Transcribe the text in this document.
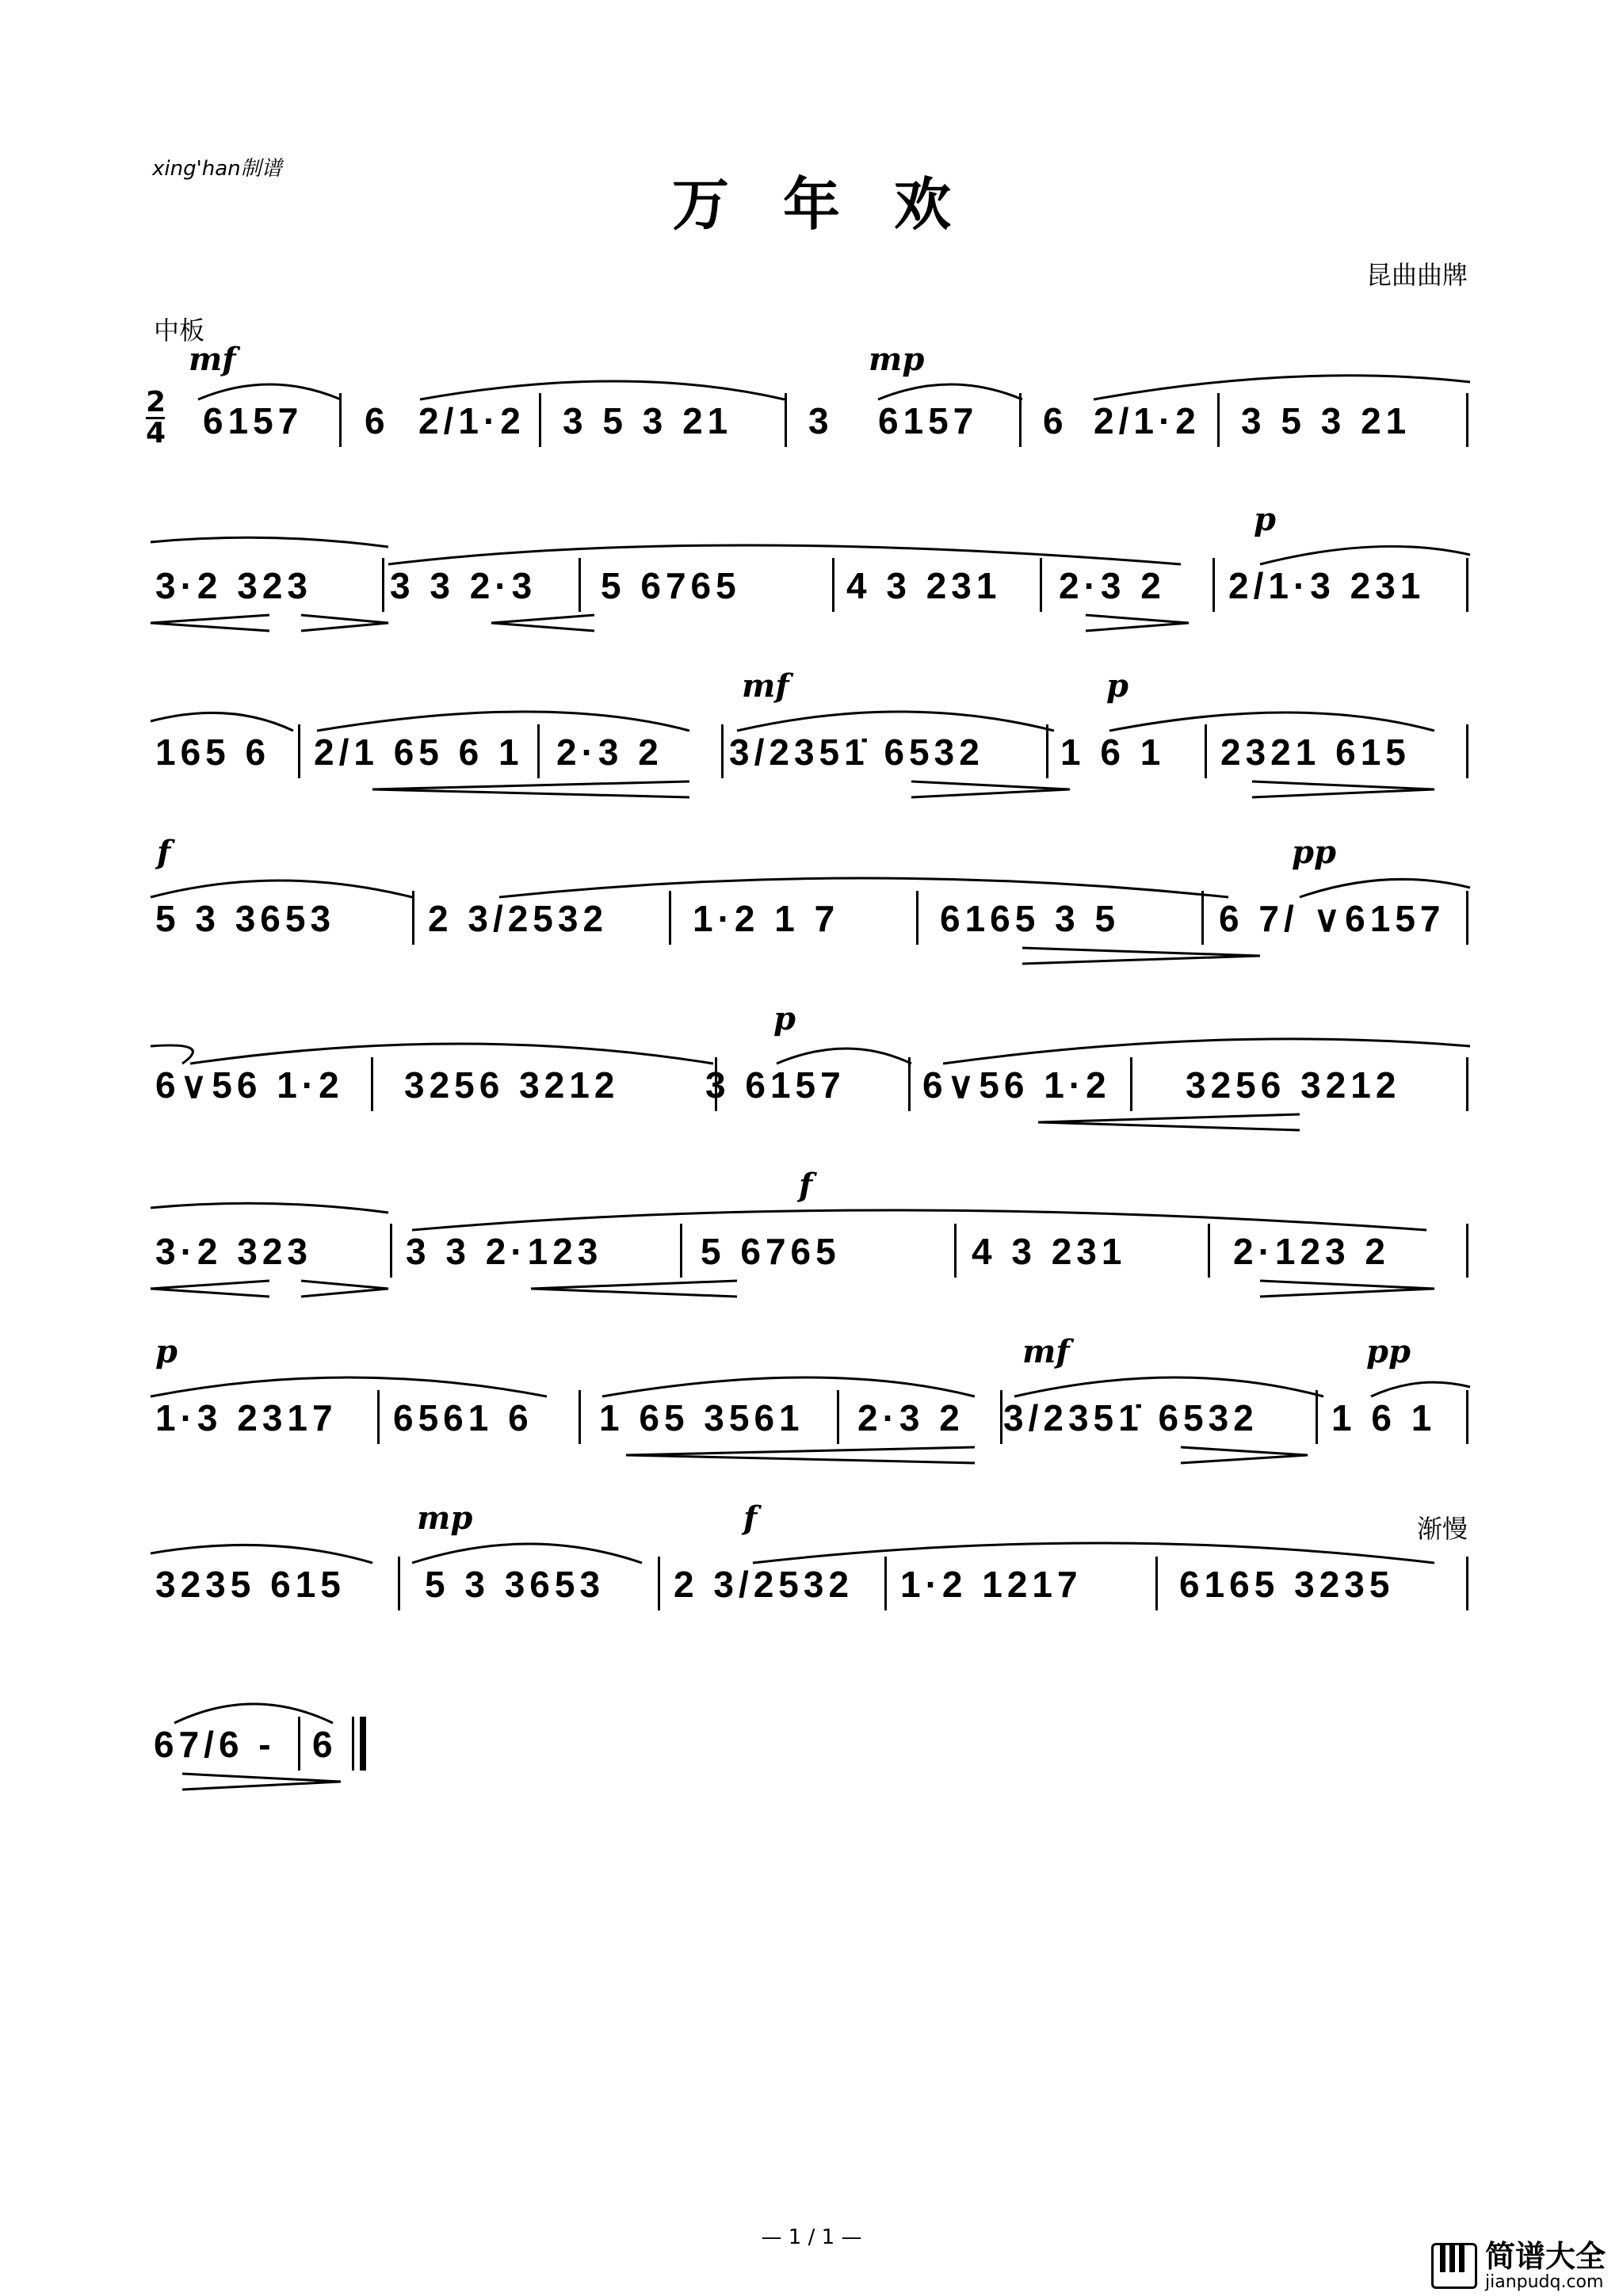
xing'han制谱
万 年 欢
昆曲曲牌
中板
2
4
mf	mp
6157 6 2/1·2 3 5 3 21 3 6157 6 2/1·2 3 5 3 21
p
3·2 323 3 3 2·3 5 6765	4 3 231 2·3 2 2/1·3 231
mf	p
165 6 2/1 65 6 1 2·3 2 3/2351̇ 6532 1 6 1 2321 615
f	pp
5 3 3653	2 3/2532 1·2 1 7	6165 3 5	6 7/ ∨6157
p
6∨56 1·2 3256 3212 3 6157 6∨56 1·2 3256 3212
f
3·2 323	3 3 2·123	5 6765	4 3 231	2·123 2
p	mf	pp
1·3 2317 6561 6 1 65 3561 2·3 2 3/2351̇ 6532 1 6 1
mp	f
3235 615 5 3 3653 2 3/2532 1·2 1217	6165 3235
渐慢
67/6 - 6
— 1 / 1 —
简谱大全
jianpudq.com
